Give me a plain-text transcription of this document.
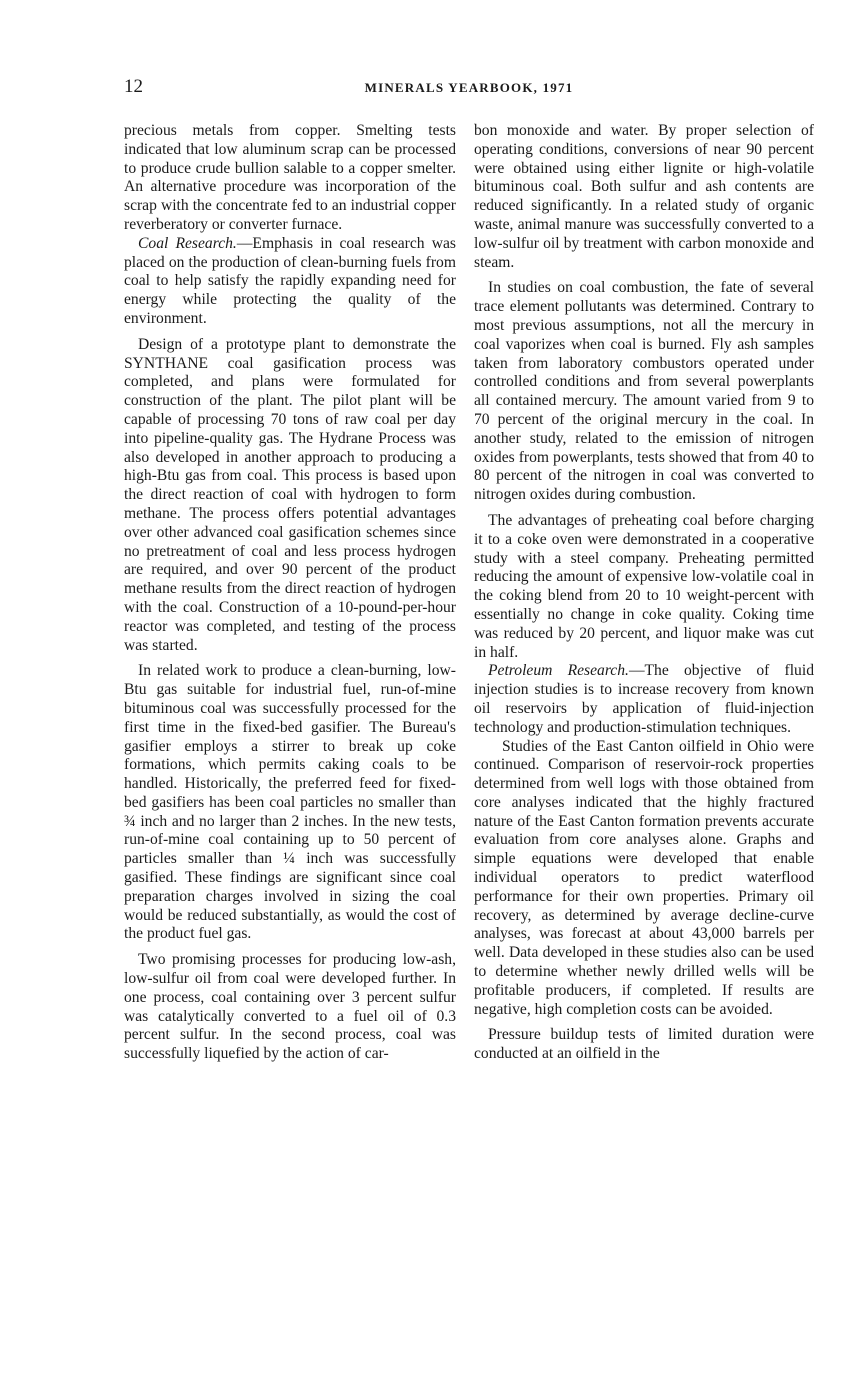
12	MINERALS YEARBOOK, 1971

precious metals from copper. Smelting tests indicated that low aluminum scrap can be processed to produce crude bullion salable to a copper smelter. An alternative procedure was incorporation of the scrap with the concentrate fed to an industrial copper reverberatory or converter furnace.

Coal Research.—Emphasis in coal research was placed on the production of clean-burning fuels from coal to help satisfy the rapidly expanding need for energy while protecting the quality of the environment.

Design of a prototype plant to demonstrate the SYNTHANE coal gasification process was completed, and plans were formulated for construction of the plant. The pilot plant will be capable of processing 70 tons of raw coal per day into pipeline-quality gas. The Hydrane Process was also developed in another approach to producing a high-Btu gas from coal. This process is based upon the direct reaction of coal with hydrogen to form methane. The process offers potential advantages over other advanced coal gasification schemes since no pretreatment of coal and less process hydrogen are required, and over 90 percent of the product methane results from the direct reaction of hydrogen with the coal. Construction of a 10-pound-per-hour reactor was completed, and testing of the process was started.

In related work to produce a clean-burning, low-Btu gas suitable for industrial fuel, run-of-mine bituminous coal was successfully processed for the first time in the fixed-bed gasifier. The Bureau's gasifier employs a stirrer to break up coke formations, which permits caking coals to be handled. Historically, the preferred feed for fixed-bed gasifiers has been coal particles no smaller than ¾ inch and no larger than 2 inches. In the new tests, run-of-mine coal containing up to 50 percent of particles smaller than ¼ inch was successfully gasified. These findings are significant since coal preparation charges involved in sizing the coal would be reduced substantially, as would the cost of the product fuel gas.

Two promising processes for producing low-ash, low-sulfur oil from coal were developed further. In one process, coal containing over 3 percent sulfur was catalytically converted to a fuel oil of 0.3 percent sulfur. In the second process, coal was successfully liquefied by the action of car-

bon monoxide and water. By proper selection of operating conditions, conversions of near 90 percent were obtained using either lignite or high-volatile bituminous coal. Both sulfur and ash contents are reduced significantly. In a related study of organic waste, animal manure was successfully converted to a low-sulfur oil by treatment with carbon monoxide and steam.

In studies on coal combustion, the fate of several trace element pollutants was determined. Contrary to most previous assumptions, not all the mercury in coal vaporizes when coal is burned. Fly ash samples taken from laboratory combustors operated under controlled conditions and from several powerplants all contained mercury. The amount varied from 9 to 70 percent of the original mercury in the coal. In another study, related to the emission of nitrogen oxides from powerplants, tests showed that from 40 to 80 percent of the nitrogen in coal was converted to nitrogen oxides during combustion.

The advantages of preheating coal before charging it to a coke oven were demonstrated in a cooperative study with a steel company. Preheating permitted reducing the amount of expensive low-volatile coal in the coking blend from 20 to 10 weight-percent with essentially no change in coke quality. Coking time was reduced by 20 percent, and liquor make was cut in half.

Petroleum Research.—The objective of fluid injection studies is to increase recovery from known oil reservoirs by application of fluid-injection technology and production-stimulation techniques.

Studies of the East Canton oilfield in Ohio were continued. Comparison of reservoir-rock properties determined from well logs with those obtained from core analyses indicated that the highly fractured nature of the East Canton formation prevents accurate evaluation from core analyses alone. Graphs and simple equations were developed that enable individual operators to predict waterflood performance for their own properties. Primary oil recovery, as determined by average decline-curve analyses, was forecast at about 43,000 barrels per well. Data developed in these studies also can be used to determine whether newly drilled wells will be profitable producers, if completed. If results are negative, high completion costs can be avoided.

Pressure buildup tests of limited duration were conducted at an oilfield in the
